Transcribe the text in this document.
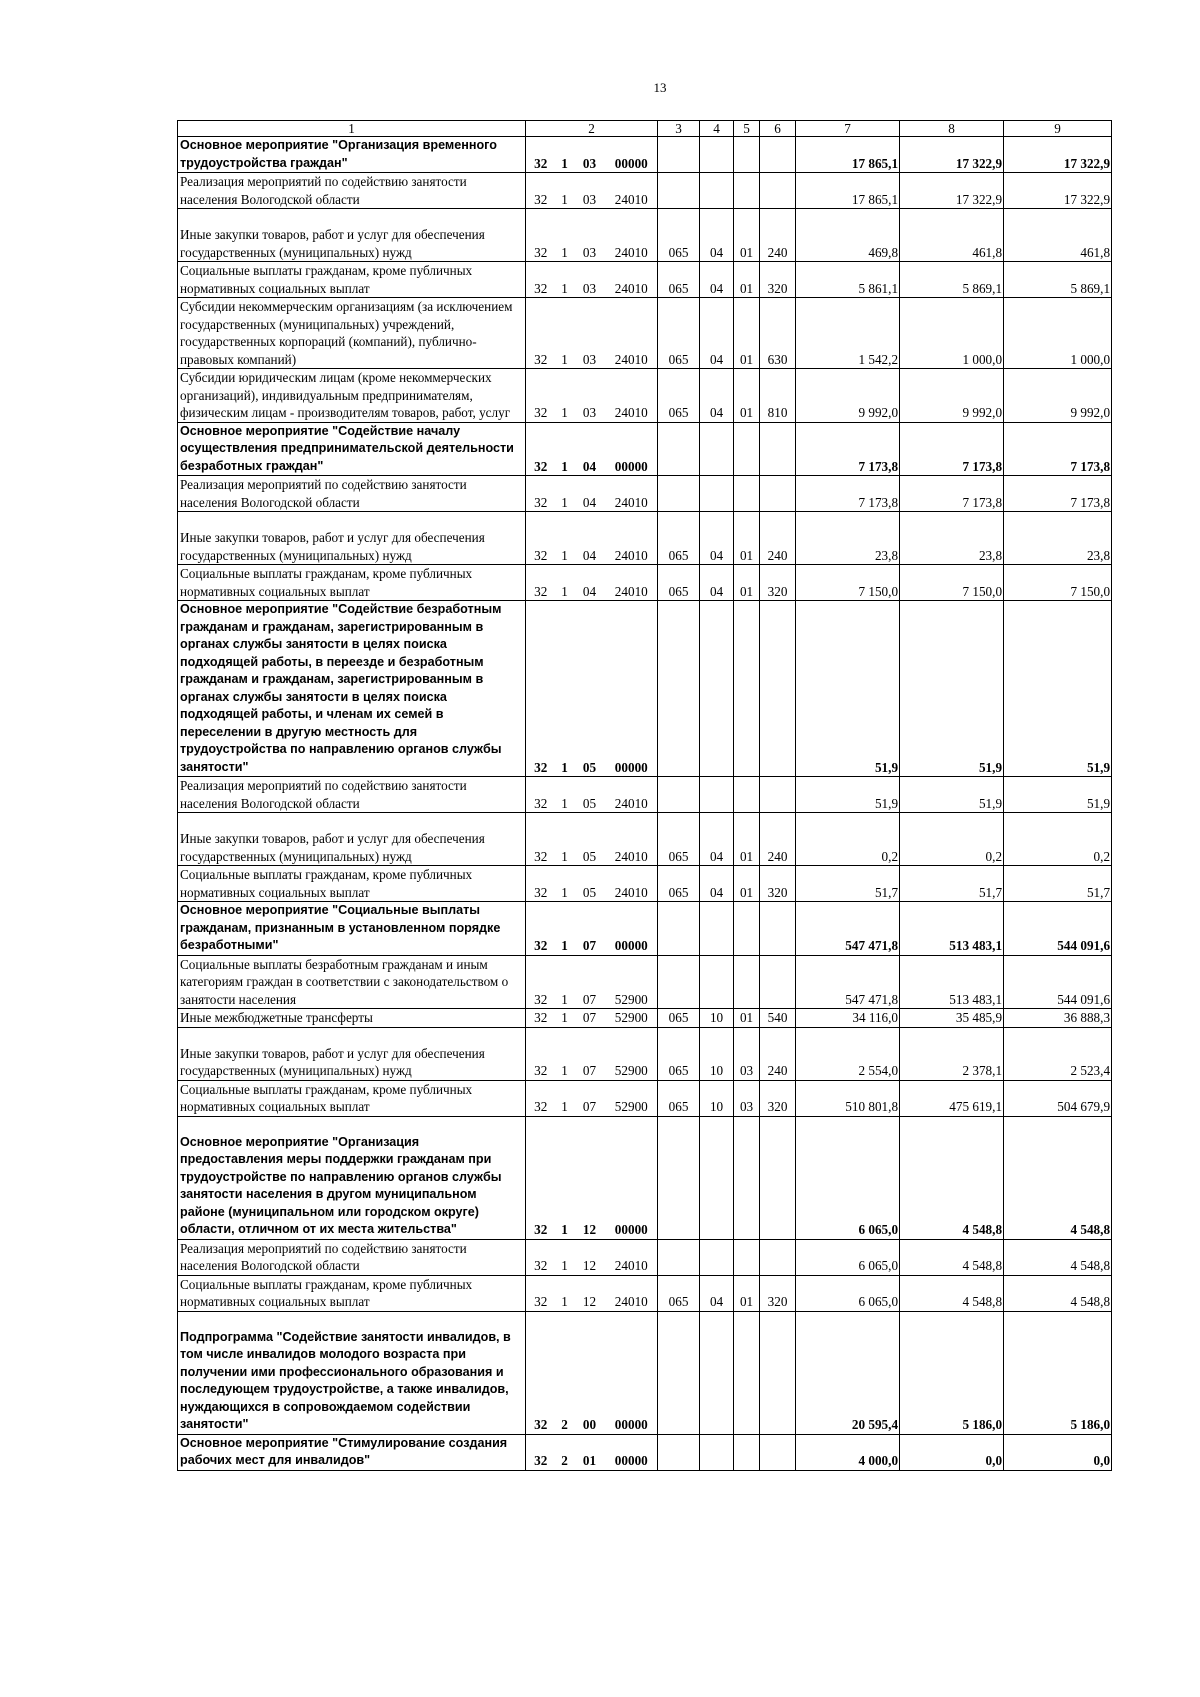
13
1	2				3	4	5	6	7	8	9
Основное мероприятие "Организация временного трудоустройства граждан"	32	1	03	00000					17 865,1	17 322,9	17 322,9
Реализация мероприятий по содействию занятости населения Вологодской области	32	1	03	24010					17 865,1	17 322,9	17 322,9

Иные закупки товаров, работ и услуг для обеспечения государственных (муниципальных) нужд	32	1	03	24010	065	04	01	240	469,8	461,8	461,8
Социальные выплаты гражданам, кроме публичных нормативных социальных выплат	32	1	03	24010	065	04	01	320	5 861,1	5 869,1	5 869,1
Субсидии некоммерческим организациям (за исключением государственных (муниципальных) учреждений, государственных корпораций (компаний), публично-правовых компаний)	32	1	03	24010	065	04	01	630	1 542,2	1 000,0	1 000,0
Субсидии юридическим лицам (кроме некоммерческих организаций), индивидуальным предпринимателям, физическим лицам - производителям товаров, работ, услуг	32	1	03	24010	065	04	01	810	9 992,0	9 992,0	9 992,0
Основное мероприятие "Содействие началу осуществления предпринимательской деятельности безработных граждан"	32	1	04	00000					7 173,8	7 173,8	7 173,8
Реализация мероприятий по содействию занятости населения Вологодской области	32	1	04	24010					7 173,8	7 173,8	7 173,8

Иные закупки товаров, работ и услуг для обеспечения государственных (муниципальных) нужд	32	1	04	24010	065	04	01	240	23,8	23,8	23,8
Социальные выплаты гражданам, кроме публичных нормативных социальных выплат	32	1	04	24010	065	04	01	320	7 150,0	7 150,0	7 150,0
Основное мероприятие "Содействие безработным гражданам и гражданам, зарегистрированным в органах службы занятости в целях поиска подходящей работы, в переезде и безработным гражданам и гражданам, зарегистрированным в органах службы занятости в целях поиска подходящей работы, и членам их семей в переселении в другую местность для трудоустройства по направлению органов службы занятости"	32	1	05	00000					51,9	51,9	51,9
Реализация мероприятий по содействию занятости населения Вологодской области	32	1	05	24010					51,9	51,9	51,9

Иные закупки товаров, работ и услуг для обеспечения государственных (муниципальных) нужд	32	1	05	24010	065	04	01	240	0,2	0,2	0,2
Социальные выплаты гражданам, кроме публичных нормативных социальных выплат	32	1	05	24010	065	04	01	320	51,7	51,7	51,7
Основное мероприятие "Социальные выплаты гражданам, признанным в установленном порядке безработными"	32	1	07	00000					547 471,8	513 483,1	544 091,6
Социальные выплаты безработным гражданам и иным категориям граждан в соответствии с законодательством о занятости населения	32	1	07	52900					547 471,8	513 483,1	544 091,6
Иные межбюджетные трансферты	32	1	07	52900	065	10	01	540	34 116,0	35 485,9	36 888,3

Иные закупки товаров, работ и услуг для обеспечения государственных (муниципальных) нужд	32	1	07	52900	065	10	03	240	2 554,0	2 378,1	2 523,4
Социальные выплаты гражданам, кроме публичных нормативных социальных выплат	32	1	07	52900	065	10	03	320	510 801,8	475 619,1	504 679,9

Основное мероприятие "Организация предоставления меры поддержки гражданам при трудоустройстве по направлению органов службы занятости населения в другом муниципальном районе (муниципальном или городском округе) области, отличном от их места жительства"	32	1	12	00000					6 065,0	4 548,8	4 548,8
Реализация мероприятий по содействию занятости населения Вологодской области	32	1	12	24010					6 065,0	4 548,8	4 548,8
Социальные выплаты гражданам, кроме публичных нормативных социальных выплат	32	1	12	24010	065	04	01	320	6 065,0	4 548,8	4 548,8

Подпрограмма "Содействие занятости инвалидов, в том числе инвалидов молодого возраста при получении ими профессионального образования и последующем трудоустройстве, а также инвалидов, нуждающихся в сопровождаемом содействии занятости"	32	2	00	00000					20 595,4	5 186,0	5 186,0
Основное мероприятие "Стимулирование создания рабочих мест для инвалидов"	32	2	01	00000					4 000,0	0,0	0,0
